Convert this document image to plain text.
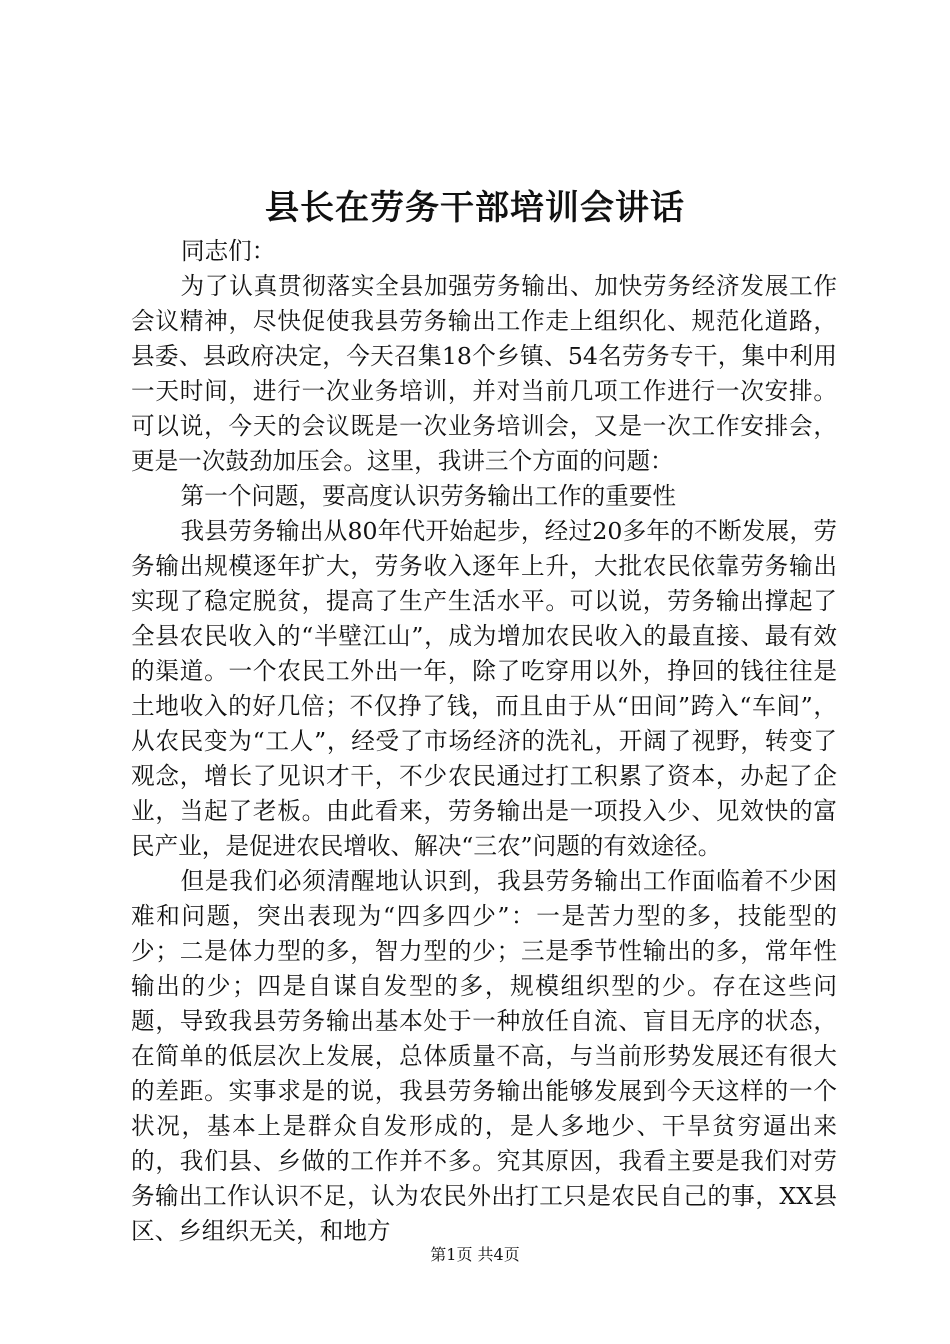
县长在劳务干部培训会讲话

同志们：

为了认真贯彻落实全县加强劳务输出、加快劳务经济发展工作会议精神，尽快促使我县劳务输出工作走上组织化、规范化道路，县委、县政府决定，今天召集18个乡镇、54名劳务专干，集中利用一天时间，进行一次业务培训，并对当前几项工作进行一次安排。可以说，今天的会议既是一次业务培训会，又是一次工作安排会，更是一次鼓劲加压会。这里，我讲三个方面的问题：

第一个问题，要高度认识劳务输出工作的重要性

我县劳务输出从80年代开始起步，经过20多年的不断发展，劳务输出规模逐年扩大，劳务收入逐年上升，大批农民依靠劳务输出实现了稳定脱贫，提高了生产生活水平。可以说，劳务输出撑起了全县农民收入的“半壁江山”，成为增加农民收入的最直接、最有效的渠道。一个农民工外出一年，除了吃穿用以外，挣回的钱往往是土地收入的好几倍；不仅挣了钱，而且由于从“田间”跨入“车间”，从农民变为“工人”，经受了市场经济的洗礼，开阔了视野，转变了观念，增长了见识才干，不少农民通过打工积累了资本，办起了企业，当起了老板。由此看来，劳务输出是一项投入少、见效快的富民产业，是促进农民增收、解决“三农”问题的有效途径。

但是我们必须清醒地认识到，我县劳务输出工作面临着不少困难和问题，突出表现为“四多四少”：一是苦力型的多，技能型的少；二是体力型的多，智力型的少；三是季节性输出的多，常年性输出的少；四是自谋自发型的多，规模组织型的少。存在这些问题，导致我县劳务输出基本处于一种放任自流、盲目无序的状态，在简单的低层次上发展，总体质量不高，与当前形势发展还有很大的差距。实事求是的说，我县劳务输出能够发展到今天这样的一个状况，基本上是群众自发形成的，是人多地少、干旱贫穷逼出来的，我们县、乡做的工作并不多。究其原因，我看主要是我们对劳务输出工作认识不足，认为农民外出打工只是农民自己的事，XX县区、乡组织无关，和地方

第1页 共4页
